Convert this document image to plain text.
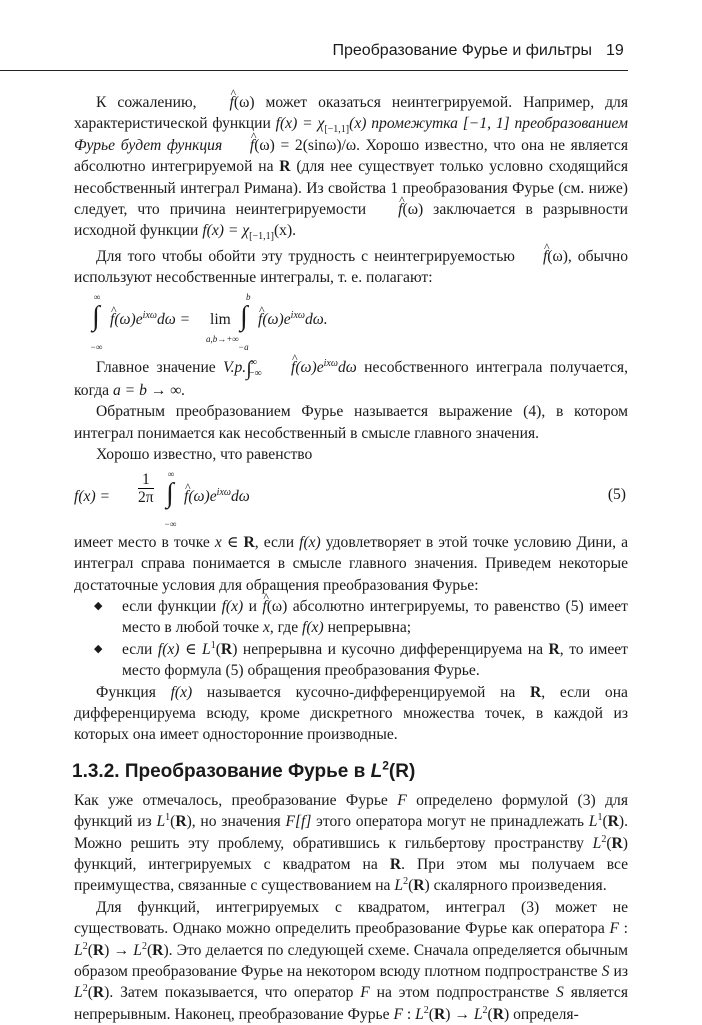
Преобразование Фурье и фильтры 19

К сожалению, ^ f(ω) может оказаться неинтегрируемой. Например, для характеристической функции $f(x) = \chi_{[-1,1]}(x)$ промежутка [−1, 1] преобразованием Фурье будет функция ^ f(ω) = 2(sinω)/ω. Хорошо известно, что она не является абсолютно интегрируемой на R (для нее существует только условно сходящийся несобственный интеграл Римана). Из свойства 1 преобразования Фурье (см. ниже) следует, что причина неинтегрируемости ^ f(ω) заключается в разрывности исходной функции $f(x) = \chi_{[-1,1]}(x)$.

Для того чтобы обойти эту трудность с неинтегрируемостью ^ f(ω), обычно используют несобственные интегралы, т. е. полагают:

∞
∫
−∞
^ $f(\omega)e^{ix\omega}d\omega = \lim$
a,b→+∞
b
∫
−a
^ $f(\omega)e^{ix\omega}d\omega$.

Главное значение $V.p.\int^\infty_{-\infty}$ ^ $f(\omega)e^{ix\omega}d\omega$ несобственного интеграла получается, когда a = b → ∞.

Обратным преобразованием Фурье называется выражение (4), в котором интеграл понимается как несобственный в смысле главного значения.

Хорошо известно, что равенство

$f(x) = \frac{1}{2\pi}$ ∞
∫
−∞
^ $f(\omega)e^{ix\omega}d\omega$	(5)

имеет место в точке x ∈ R, если f(x) удовлетворяет в этой точке условию Дини, а интеграл справа понимается в смысле главного значения. Приведем некоторые достаточные условия для обращения преобразования Фурье:

◆ если функции f(x) и ^ f(ω) абсолютно интегрируемы, то равенство (5) имеет место в любой точке x, где f(x) непрерывна;
◆ если f(x) ∈ $L^1(R)$ непрерывна и кусочно дифференцируема на R, то имеет место формула (5) обращения преобразования Фурье.

Функция f(x) называется кусочно-дифференцируемой на R, если она дифференцируема всюду, кроме дискретного множества точек, в каждой из которых она имеет односторонние производные.

1.3.2. Преобразование Фурье в $L^2(R)$

Как уже отмечалось, преобразование Фурье F определено формулой (3) для функций из $L^1(R)$, но значения F[f] этого оператора могут не принадлежать $L^1(R)$. Можно решить эту проблему, обратившись к гильбертову пространству $L^2(R)$ функций, интегрируемых с квадратом на R. При этом мы получаем все преимущества, связанные с существованием на $L^2(R)$ скалярного произведения.

Для функций, интегрируемых с квадратом, интеграл (3) может не существовать. Однако можно определить преобразование Фурье как оператора F : $L^2(R) \to L^2(R)$. Это делается по следующей схеме. Сначала определяется обычным образом преобразование Фурье на некотором всюду плотном подпространстве S из $L^2(R)$. Затем показывается, что оператор F на этом подпространстве S является непрерывным. Наконец, преобразование Фурье F : $L^2(R) \to L^2(R)$ определя-
